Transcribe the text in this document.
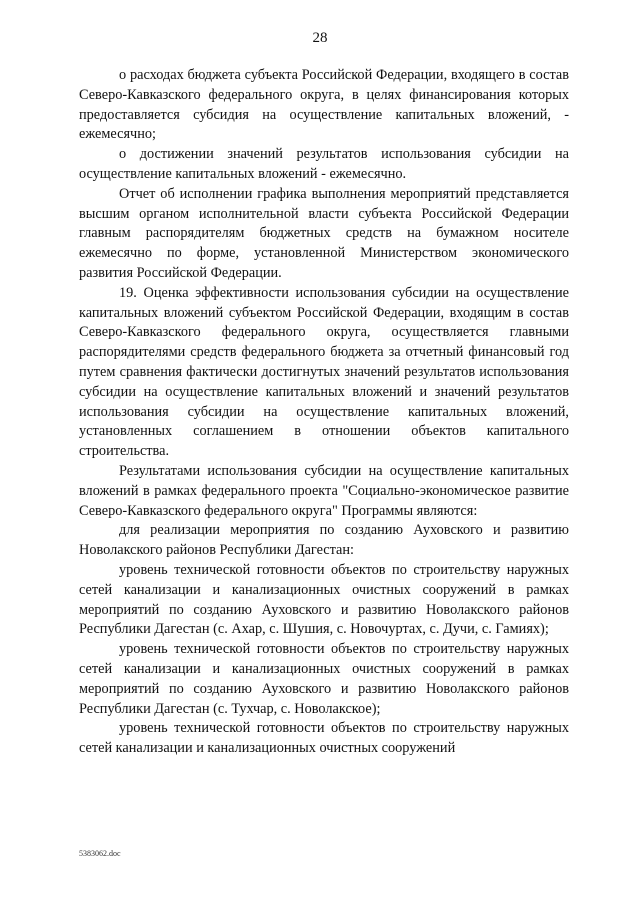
28

о расходах бюджета субъекта Российской Федерации, входящего в состав Северо-Кавказского федерального округа, в целях финансирования которых предоставляется субсидия на осуществление капитальных вложений, - ежемесячно;

о достижении значений результатов использования субсидии на осуществление капитальных вложений - ежемесячно.

Отчет об исполнении графика выполнения мероприятий представляется высшим органом исполнительной власти субъекта Российской Федерации главным распорядителям бюджетных средств на бумажном носителе ежемесячно по форме, установленной Министерством экономического развития Российской Федерации.

19. Оценка эффективности использования субсидии на осуществление капитальных вложений субъектом Российской Федерации, входящим в состав Северо-Кавказского федерального округа, осуществляется главными распорядителями средств федерального бюджета за отчетный финансовый год путем сравнения фактически достигнутых значений результатов использования субсидии на осуществление капитальных вложений и значений результатов использования субсидии на осуществление капитальных вложений, установленных соглашением в отношении объектов капитального строительства.

Результатами использования субсидии на осуществление капитальных вложений в рамках федерального проекта "Социально-экономическое развитие Северо-Кавказского федерального округа" Программы являются:

для реализации мероприятия по созданию Ауховского и развитию Новолакского районов Республики Дагестан:

уровень технической готовности объектов по строительству наружных сетей канализации и канализационных очистных сооружений в рамках мероприятий по созданию Ауховского и развитию Новолакского районов Республики Дагестан (с. Ахар, с. Шушия, с. Новочуртах, с. Дучи, с. Гамиях);

уровень технической готовности объектов по строительству наружных сетей канализации и канализационных очистных сооружений в рамках мероприятий по созданию Ауховского и развитию Новолакского районов Республики Дагестан (с. Тухчар, с. Новолакское);

уровень технической готовности объектов по строительству наружных сетей канализации и канализационных очистных сооружений

5383062.doc
